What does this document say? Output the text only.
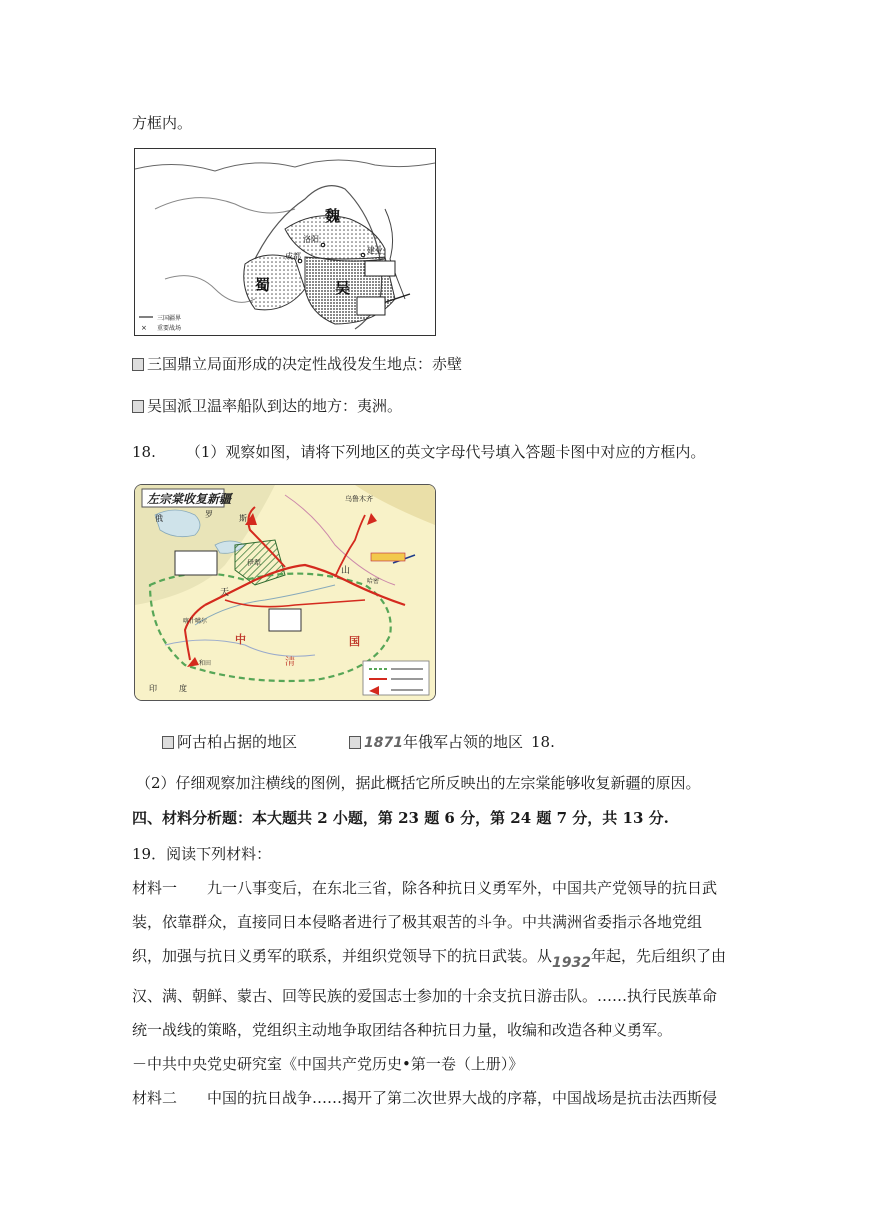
方框内。
魏
蜀	吴
洛阳
成都
建业
三国疆界
× 重要战场
三国鼎立局面形成的决定性战役发生地点：赤壁
吴国派卫温率船队到达的地方：夷洲。
18. （1）观察如图，请将下列地区的英文字母代号填入答题卡图中对应的方框内。
左宗棠收复新疆
俄	罗	斯
伊犁
天
山
乌鲁木齐
喀什噶尔
和田
哈密
中	国
清
印	度
阿古柏占据的地区	1871年俄军占领的地区 18.
（2）仔细观察加注横线的图例，据此概括它所反映出的左宗棠能够收复新疆的原因。
四、材料分析题：本大题共 2 小题，第 23 题 6 分，第 24 题 7 分，共 13 分.
19．阅读下列材料：
材料一　　九一八事变后，在东北三省，除各种抗日义勇军外，中国共产党领导的抗日武
装，依靠群众，直接同日本侵略者进行了极其艰苦的斗争。中共满洲省委指示各地党组
织，加强与抗日义勇军的联系，并组织党领导下的抗日武装。从1932年起，先后组织了由
汉、满、朝鲜、蒙古、回等民族的爱国志士参加的十余支抗日游击队。……执行民族革命
统一战线的策略，党组织主动地争取团结各种抗日力量，收编和改造各种义勇军。
－中共中央党史研究室《中国共产党历史•第一卷（上册）》
材料二　　中国的抗日战争……揭开了第二次世界大战的序幕，中国战场是抗击法西斯侵
